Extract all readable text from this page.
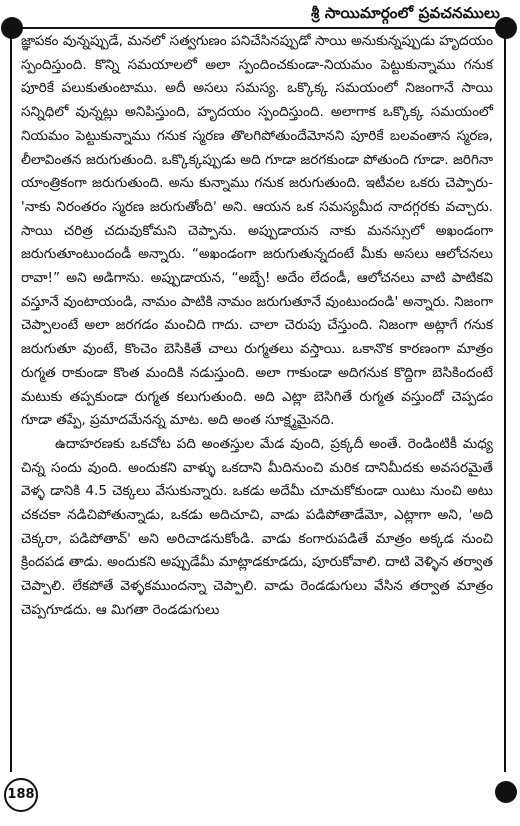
శ్రీ సాయిమార్గంలో ప్రవచనములు

జ్ఞాపకం వున్నప్పుడే, మనలో సత్వగుణం పనిచేసినప్పుడో సాయి అనుకున్నప్పుడు హృదయం స్పందిస్తుంది. కొన్ని సమయాలలో అలా స్పందించకుండా-నియమం పెట్టుకున్నాము గనుక పూరికే పలుకుతుంటాము. అదీ అసలు సమస్య. ఒక్కొక్క సమయంలో నిజంగానే సాయి సన్నిధిలో వున్నట్లు అనిపిస్తుంది, హృదయం స్పందిస్తుంది. అలాగాక ఒక్కొక్క సమయంలో నియమం పెట్టుకున్నాము గనుక స్మరణ తొలగిపోతుందేమోనని పూరికే బలవంతాన స్మరణ, లీలావింతన జరుగుతుంది. ఒక్కొక్కప్పుడు అది గూడా జరగకుండా పోతుంది గూడా. జరిగినా యాంత్రికంగా జరుగుతుంది. అను కున్నాము గనుక జరుగుతుంది. ఇటీవల ఒకరు చెప్పారు-'నాకు నిరంతరం స్మరణ జరుగుతోంది' అని. ఆయన ఒక సమస్యమీద నాదగ్గరకు వచ్చారు. సాయి చరిత్ర చదువుకోమని చెప్పాను. అప్పుడాయన నాకు మనస్సులో అఖండంగా జరుగుతూంటుందండీ అన్నారు. “అఖండంగా జరుగుతున్నదంటే మీకు అసలు ఆలోచనలు రావా!” అని అడిగాను. అప్పుడాయన, “అబ్బే! అదేం లేదండీ, ఆలోచనలు వాటి పాటికవి వస్తూనే వుంటాయండి, నామం పాటికి నామం జరుగుతూనే వుంటుందండి' అన్నారు. నిజంగా చెప్పాలంటే అలా జరగడం మంచిది గాదు. చాలా చెరుపు చేస్తుంది. నిజంగా అట్లాగే గనుక జరుగుతూ వుంటే, కొంచెం బెసికితే చాలు రుగ్మతలు వస్తాయి. ఒకానొక కారణంగా మాత్రం రుగ్మత రాకుండా కొంత మందికి నడుస్తుంది. అలా గాకుండా అదిగనుక కొద్దిగా బెసికిందంటే మటుకు తప్పకుండా రుగ్మత కలుగుతుంది. అది ఎట్లా బెసిగితే రుగ్మత వస్తుందో చెప్పడం గూడా తప్పే, ప్రమాదమేనన్న మాట. అది అంత సూక్ష్మమైనది.

ఉదాహరణకు ఒకచోట పది అంతస్తుల మేడ వుంది, ప్రక్కదీ అంతే. రెండింటికీ మధ్య చిన్న సందు వుంది. అందుకని వాళ్ళు ఒకదాని మీదినుంచి మరిక దానిమీదకు అవసరమైతే వెళ్ళ డానికి 4.5 చెక్కలు వేసుకున్నారు. ఒకడు అదేమీ చూచుకోకుండా యిటు నుంచి అటు చకచకా నడిచిపోతున్నాడు, ఒకడు అదిచూచి, వాడు పడిపోతాడేమో, ఎట్లాగా అని, 'అది చెక్కరా, పడిపోతావ్' అని అరిచాడనుకోండి. వాడు కంగారుపడితే మాత్రం అక్కడ నుంచి క్రిందపడ తాడు. అందుకని అప్పుడేమీ మాట్లాడకూడదు, పూరుకోవాలి. దాటి వెళ్ళిన తర్వాత చెప్పాలి. లేకపోతే వెళ్ళకముందన్నా చెప్పాలి. వాడు రెండడుగులు వేసిన తర్వాత మాత్రం చెప్పగూడదు. ఆ మిగతా రెండడుగులు

188
